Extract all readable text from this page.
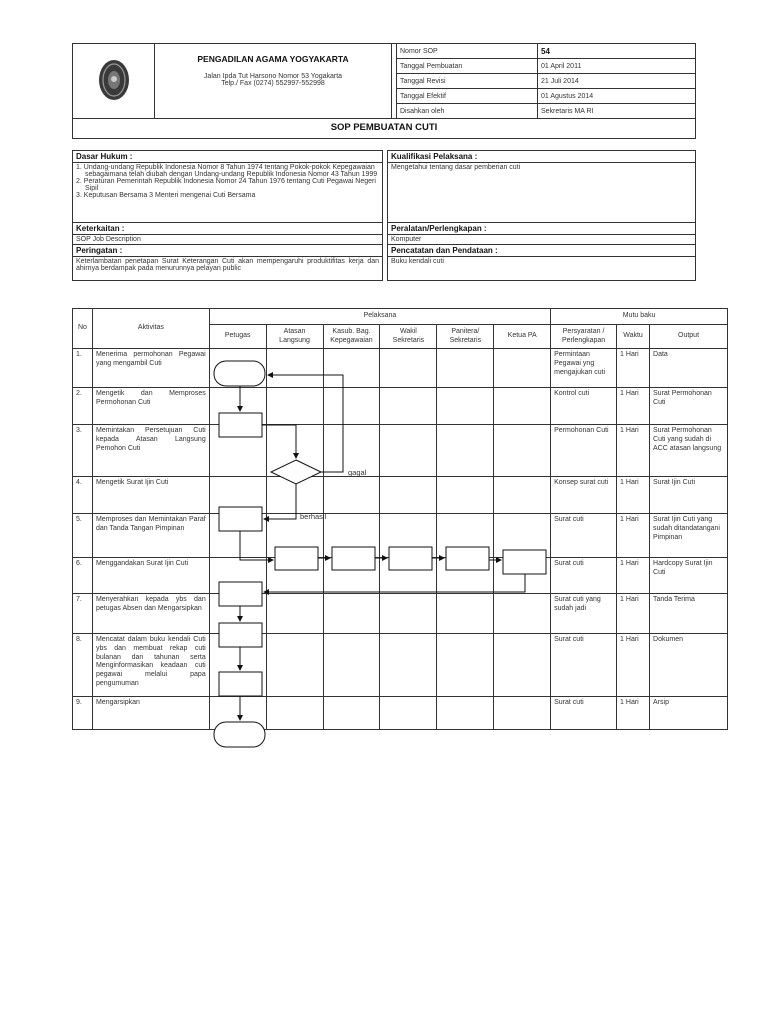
PENGADILAN AGAMA YOGYAKARTA
Jalan Ipda Tut Harsono Nomor 53 Yogakarta
Telp./ Fax (0274) 552997-552998		Nomor SOP	54
			Tanggal Pembuatan	01 April 2011
			Tanggal Revisi	21 Juli 2014
			Tanggal Efektif	01 Agustus 2014
			Disahkan oleh	Sekretaris MA RI
SOP PEMBUATAN CUTI
Dasar Hukum :		Kualifikasi Pelaksana :

1. Undang-undang Republik Indonesia Nomor 8 Tahun 1974 tentang Pokok-pokok Kepegawaian sebagaimana telah diubah dengan Undang-undang Republik Indonesia Nomor 43 Tahun 1999
2. Peraturan Pemerintah Republik Indonesia Nomor 24 Tahun 1976 tentang Cuti Pegawai Negeri Sipil
3. Keputusan Bersama 3 Menteri mengenai Cuti Bersama		Mengetahui tentang dasar pemberian cuti
Keterkaitan :		Peralatan/Perlengkapan :
SOP Job Description		Komputer
Peringatan :		Pencatatan dan Pendataan :
Keterlambatan penetapan Surat Keterangan Cuti akan mempengaruhi produktifitas kerja dan ahirnya berdampak pada menurunnya pelayan public		Buku kendali cuti
No	Aktivitas	Pelaksana						Mutu baku		
		Petugas	Atasan Langsung	Kasub. Bag. Kepegawaian	Wakil Sekretaris	Panitera/ Sekretaris	Ketua PA	Persyaratan / Perlengkapan	Waktu	Output
1.	Menerima permohonan Pegawai yang mengambil Cuti							Permintaan Pegawai yng mengajukan cuti	1 Hari	Data
2.	Mengetik dan Memproses Permohonan Cuti							Kontrol cuti	1 Hari	Surat Permohonan Cuti
3.	Memintakan Persetujuan Cuti kepada Atasan Langsung Pemohon Cuti							Permohonan Cuti	1 Hari	Surat Permohonan Cuti yang sudah di ACC atasan langsung
4.	Mengetik Surat Ijin Cuti							Konsep surat cuti	1 Hari	Surat Ijin Cuti
5.	Memproses dan Memintakan Paraf dan Tanda Tangan Pimpinan							Surat cuti	1 Hari	Surat Ijin Cuti yang sudah ditandatangani Pimpinan
6.	Menggandakan Surat Ijin Cuti							Surat cuti	1 Hari	Hardcopy Surat Ijin Cuti
7.	Menyerahkan kepada ybs dan petugas Absen dan Mengarsipkan							Surat cuti yang sudah jadi	1 Hari	Tanda Terima
8.	Mencatat dalam buku kendali Cuti ybs dan membuat rekap cuti bulanan dan tahunan serta Menginformasikan keadaan cuti pegawai melalui papa pengumuman							Surat cuti	1 Hari	Dokumen
9.	Mengarsipkan							Surat cuti	1 Hari	Arsip
gagal
berhasil
